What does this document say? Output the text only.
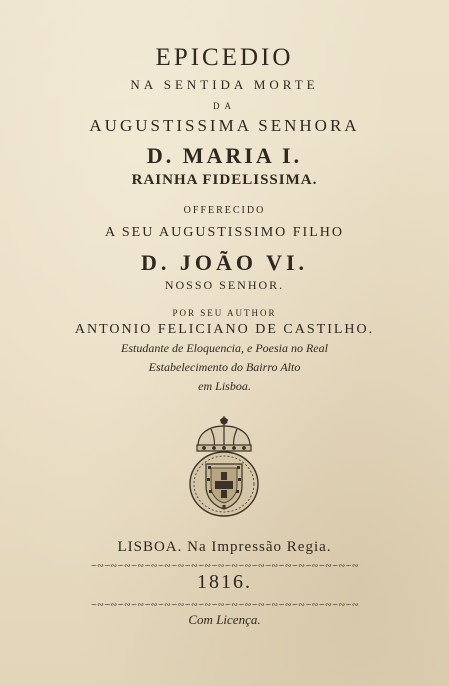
EPICEDIO
NA SENTIDA MORTE
DA
AUGUSTISSIMA SENHORA
D. MARIA I.
RAINHA FIDELISSIMA.
OFFERECIDO
A SEU AUGUSTISSIMO FILHO
D. JOÃO VI.
NOSSO SENHOR.
POR SEU AUTHOR
ANTONIO FELICIANO DE CASTILHO.
Estudante de Eloquencia, e Poesia no Real
Estabelecimento do Bairro Alto
em Lisboa.
LISBOA. Na Impressão Regia.
∽∾∽∾∽∾∽∾∽∾∽∾∽∾∽∾∽∾∽∾∽∾∽∾∽∾∽∾∽∾∽∾∽∾∽∾∽∾∽∾
1816.
∽∾∽∾∽∾∽∾∽∾∽∾∽∾∽∾∽∾∽∾∽∾∽∾∽∾∽∾∽∾∽∾∽∾∽∾∽∾∽∾
Com Licença.
